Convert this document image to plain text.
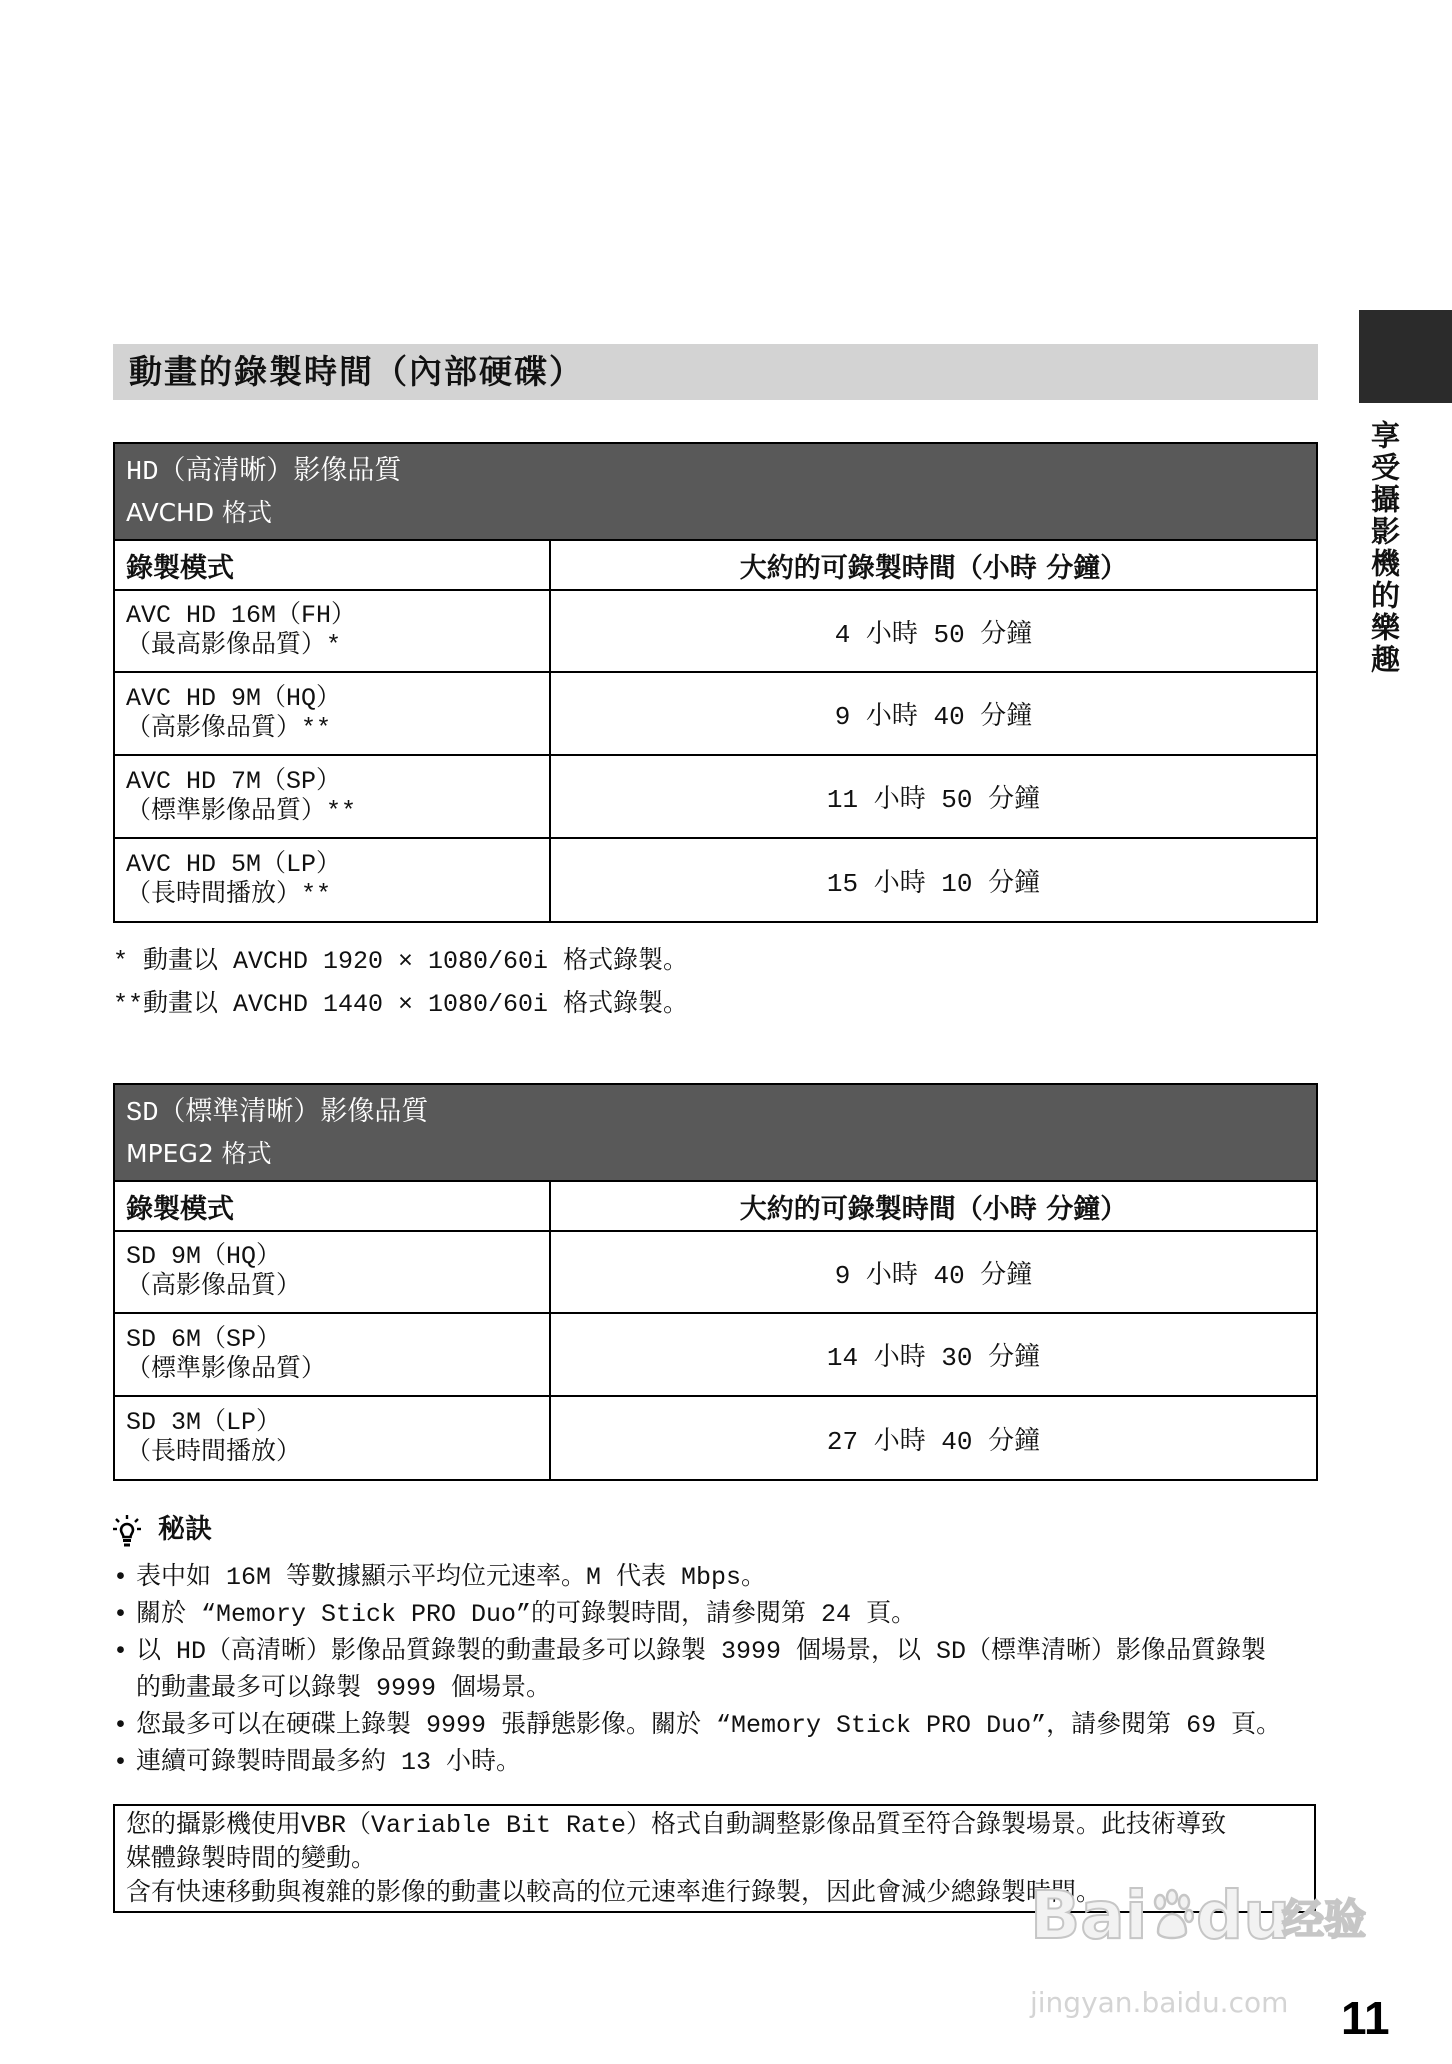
享受攝影機的樂趣
動畫的錄製時間（內部硬碟）
HD（高清晰）影像品質	
AVCHD 格式	
錄製模式	大約的可錄製時間（小時 分鐘）

AVC HD 16M（FH）
（最高影像品質）*	4 小時 50 分鐘

AVC HD 9M（HQ）
（高影像品質）**	9 小時 40 分鐘

AVC HD 7M（SP）
（標準影像品質）**	11 小時 50 分鐘

AVC HD 5M（LP）
（長時間播放）**	15 小時 10 分鐘
* 動畫以 AVCHD 1920 × 1080/60i 格式錄製。
**動畫以 AVCHD 1440 × 1080/60i 格式錄製。
SD（標準清晰）影像品質	
MPEG2 格式	
錄製模式	大約的可錄製時間（小時 分鐘）

SD 9M（HQ）
（高影像品質）	9 小時 40 分鐘

SD 6M（SP）
（標準影像品質）	14 小時 30 分鐘

SD 3M（LP）
（長時間播放）	27 小時 40 分鐘
秘訣
• 表中如 16M 等數據顯示平均位元速率。M 代表 Mbps。
• 關於 “Memory Stick PRO Duo”的可錄製時間，請參閱第 24 頁。
• 以 HD（高清晰）影像品質錄製的動畫最多可以錄製 3999 個場景，以 SD（標準清晰）影像品質錄製
的動畫最多可以錄製 9999 個場景。
• 您最多可以在硬碟上錄製 9999 張靜態影像。關於 “Memory Stick PRO Duo”，請參閱第 69 頁。
• 連續可錄製時間最多約 13 小時。
您的攝影機使用VBR（Variable Bit Rate）格式自動調整影像品質至符合錄製場景。此技術導致
媒體錄製時間的變動。
含有快速移動與複雜的影像的動畫以較高的位元速率進行錄製，因此會減少總錄製時間。
Bai du
经验
jingyan.baidu.com 11
